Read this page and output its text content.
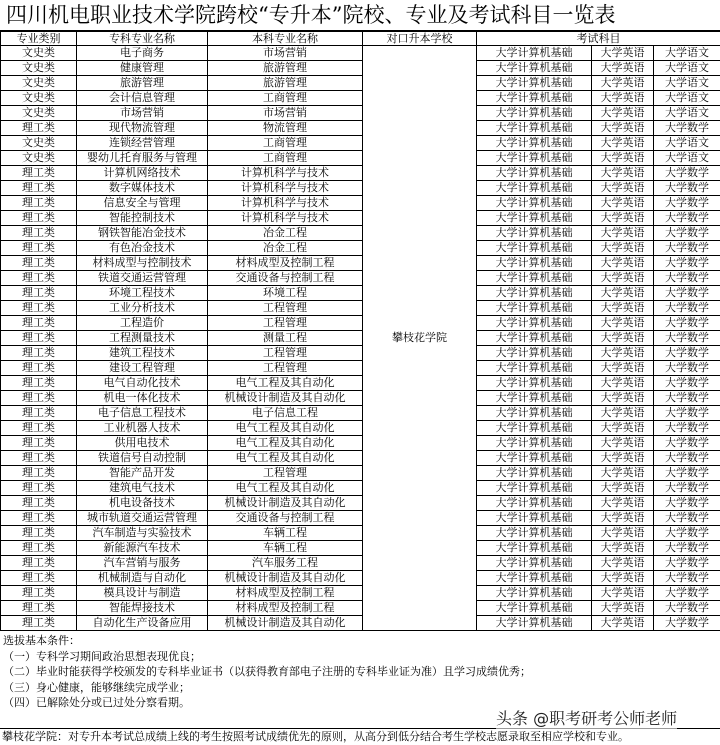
四川机电职业技术学院跨校“专升本”院校、专业及考试科目一览表
专业类别	专科专业名称	本科专业名称	对口升本学校	考试科目		
文史类	电子商务	市场营销	攀枝花学院	大学计算机基础	大学英语	大学语文
文史类	健康管理	旅游管理		大学计算机基础	大学英语	大学语文
文史类	旅游管理	旅游管理		大学计算机基础	大学英语	大学语文
文史类	会计信息管理	工商管理		大学计算机基础	大学英语	大学语文
文史类	市场营销	市场营销		大学计算机基础	大学英语	大学语文
理工类	现代物流管理	物流管理		大学计算机基础	大学英语	大学数学
文史类	连锁经营管理	工商管理		大学计算机基础	大学英语	大学语文
文史类	婴幼儿托育服务与管理	工商管理		大学计算机基础	大学英语	大学语文
理工类	计算机网络技术	计算机科学与技术		大学计算机基础	大学英语	大学数学
理工类	数字媒体技术	计算机科学与技术		大学计算机基础	大学英语	大学数学
理工类	信息安全与管理	计算机科学与技术		大学计算机基础	大学英语	大学数学
理工类	智能控制技术	计算机科学与技术		大学计算机基础	大学英语	大学数学
理工类	钢铁智能冶金技术	冶金工程		大学计算机基础	大学英语	大学数学
理工类	有色冶金技术	冶金工程		大学计算机基础	大学英语	大学数学
理工类	材料成型与控制技术	材料成型及控制工程		大学计算机基础	大学英语	大学数学
理工类	铁道交通运营管理	交通设备与控制工程		大学计算机基础	大学英语	大学数学
理工类	环境工程技术	环境工程		大学计算机基础	大学英语	大学数学
理工类	工业分析技术	工程管理		大学计算机基础	大学英语	大学数学
理工类	工程造价	工程管理		大学计算机基础	大学英语	大学数学
理工类	工程测量技术	测量工程		大学计算机基础	大学英语	大学数学
理工类	建筑工程技术	工程管理		大学计算机基础	大学英语	大学数学
理工类	建设工程管理	工程管理		大学计算机基础	大学英语	大学数学
理工类	电气自动化技术	电气工程及其自动化		大学计算机基础	大学英语	大学数学
理工类	机电一体化技术	机械设计制造及其自动化		大学计算机基础	大学英语	大学数学
理工类	电子信息工程技术	电子信息工程		大学计算机基础	大学英语	大学数学
理工类	工业机器人技术	电气工程及其自动化		大学计算机基础	大学英语	大学数学
理工类	供用电技术	电气工程及其自动化		大学计算机基础	大学英语	大学数学
理工类	铁道信号自动控制	电气工程及其自动化		大学计算机基础	大学英语	大学数学
理工类	智能产品开发	工程管理		大学计算机基础	大学英语	大学数学
理工类	建筑电气技术	电气工程及其自动化		大学计算机基础	大学英语	大学数学
理工类	机电设备技术	机械设计制造及其自动化		大学计算机基础	大学英语	大学数学
理工类	城市轨道交通运营管理	交通设备与控制工程		大学计算机基础	大学英语	大学数学
理工类	汽车制造与实验技术	车辆工程		大学计算机基础	大学英语	大学数学
理工类	新能源汽车技术	车辆工程		大学计算机基础	大学英语	大学数学
理工类	汽车营销与服务	汽车服务工程		大学计算机基础	大学英语	大学数学
理工类	机械制造与自动化	机械设计制造及其自动化		大学计算机基础	大学英语	大学数学
理工类	模具设计与制造	材料成型及控制工程		大学计算机基础	大学英语	大学数学
理工类	智能焊接技术	材料成型及控制工程		大学计算机基础	大学英语	大学数学
理工类	自动化生产设备应用	机械设计制造及其自动化		大学计算机基础	大学英语	大学数学
选拔基本条件：
（一）专科学习期间政治思想表现优良；
（二）毕业时能获得学校颁发的专科毕业证书（以获得教育部电子注册的专科毕业证为准）且学习成绩优秀；
（三）身心健康，能够继续完成学业；
（四）已解除处分或已过处分察看期。
攀枝花学院：对专升本考试总成绩上线的考生按照考试成绩优先的原则，从高分到低分结合考生学校志愿录取至相应学校和专业。
头条 @职考研考公师老师
